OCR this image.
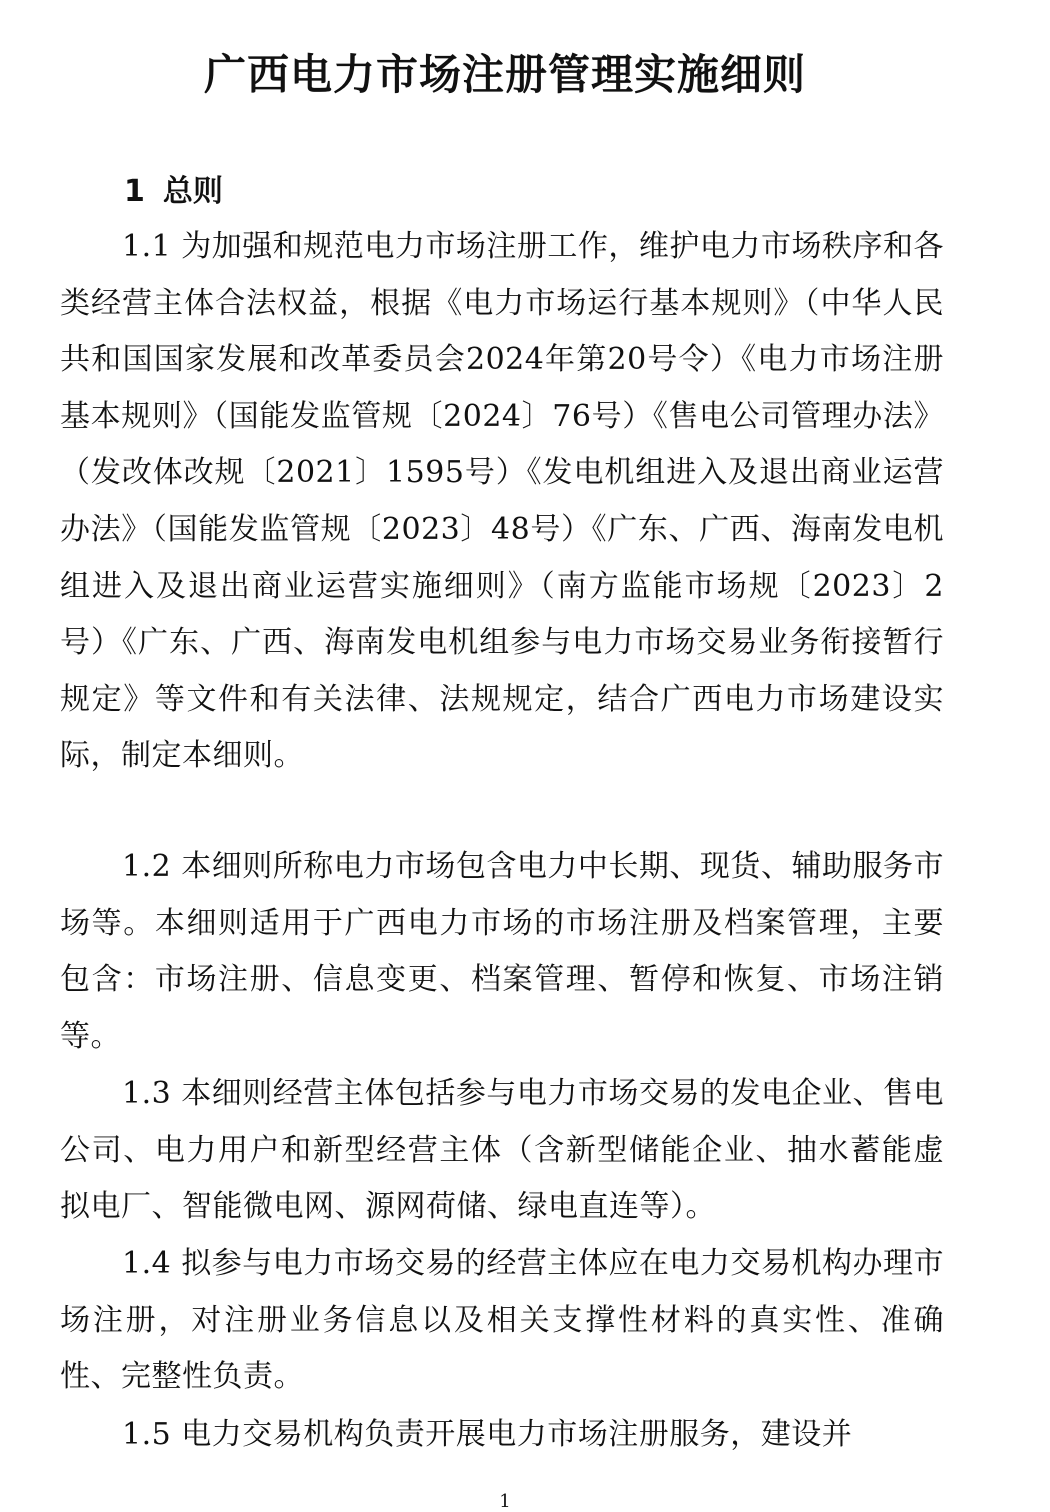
广西电力市场注册管理实施细则
1 总则

1.1 为加强和规范电力市场注册工作，维护电力市场秩序和各类经营主体合法权益，根据《电力市场运行基本规则》（中华人民共和国国家发展和改革委员会2024年第20号令）《电力市场注册基本规则》（国能发监管规〔2024〕76号）《售电公司管理办法》（发改体改规〔2021〕1595号）《发电机组进入及退出商业运营办法》（国能发监管规〔2023〕48号）《广东、广西、海南发电机组进入及退出商业运营实施细则》（南方监能市场规〔2023〕2号）《广东、广西、海南发电机组参与电力市场交易业务衔接暂行规定》等文件和有关法律、法规规定，结合广西电力市场建设实际，制定本细则。

1.2 本细则所称电力市场包含电力中长期、现货、辅助服务市场等。本细则适用于广西电力市场的市场注册及档案管理，主要包含：市场注册、信息变更、档案管理、暂停和恢复、市场注销等。

1.3 本细则经营主体包括参与电力市场交易的发电企业、售电公司、电力用户和新型经营主体（含新型储能企业、抽水蓄能虚拟电厂、智能微电网、源网荷储、绿电直连等）。

1.4 拟参与电力市场交易的经营主体应在电力交易机构办理市场注册，对注册业务信息以及相关支撑性材料的真实性、准确性、完整性负责。

1.5 电力交易机构负责开展电力市场注册服务，建设并

1
